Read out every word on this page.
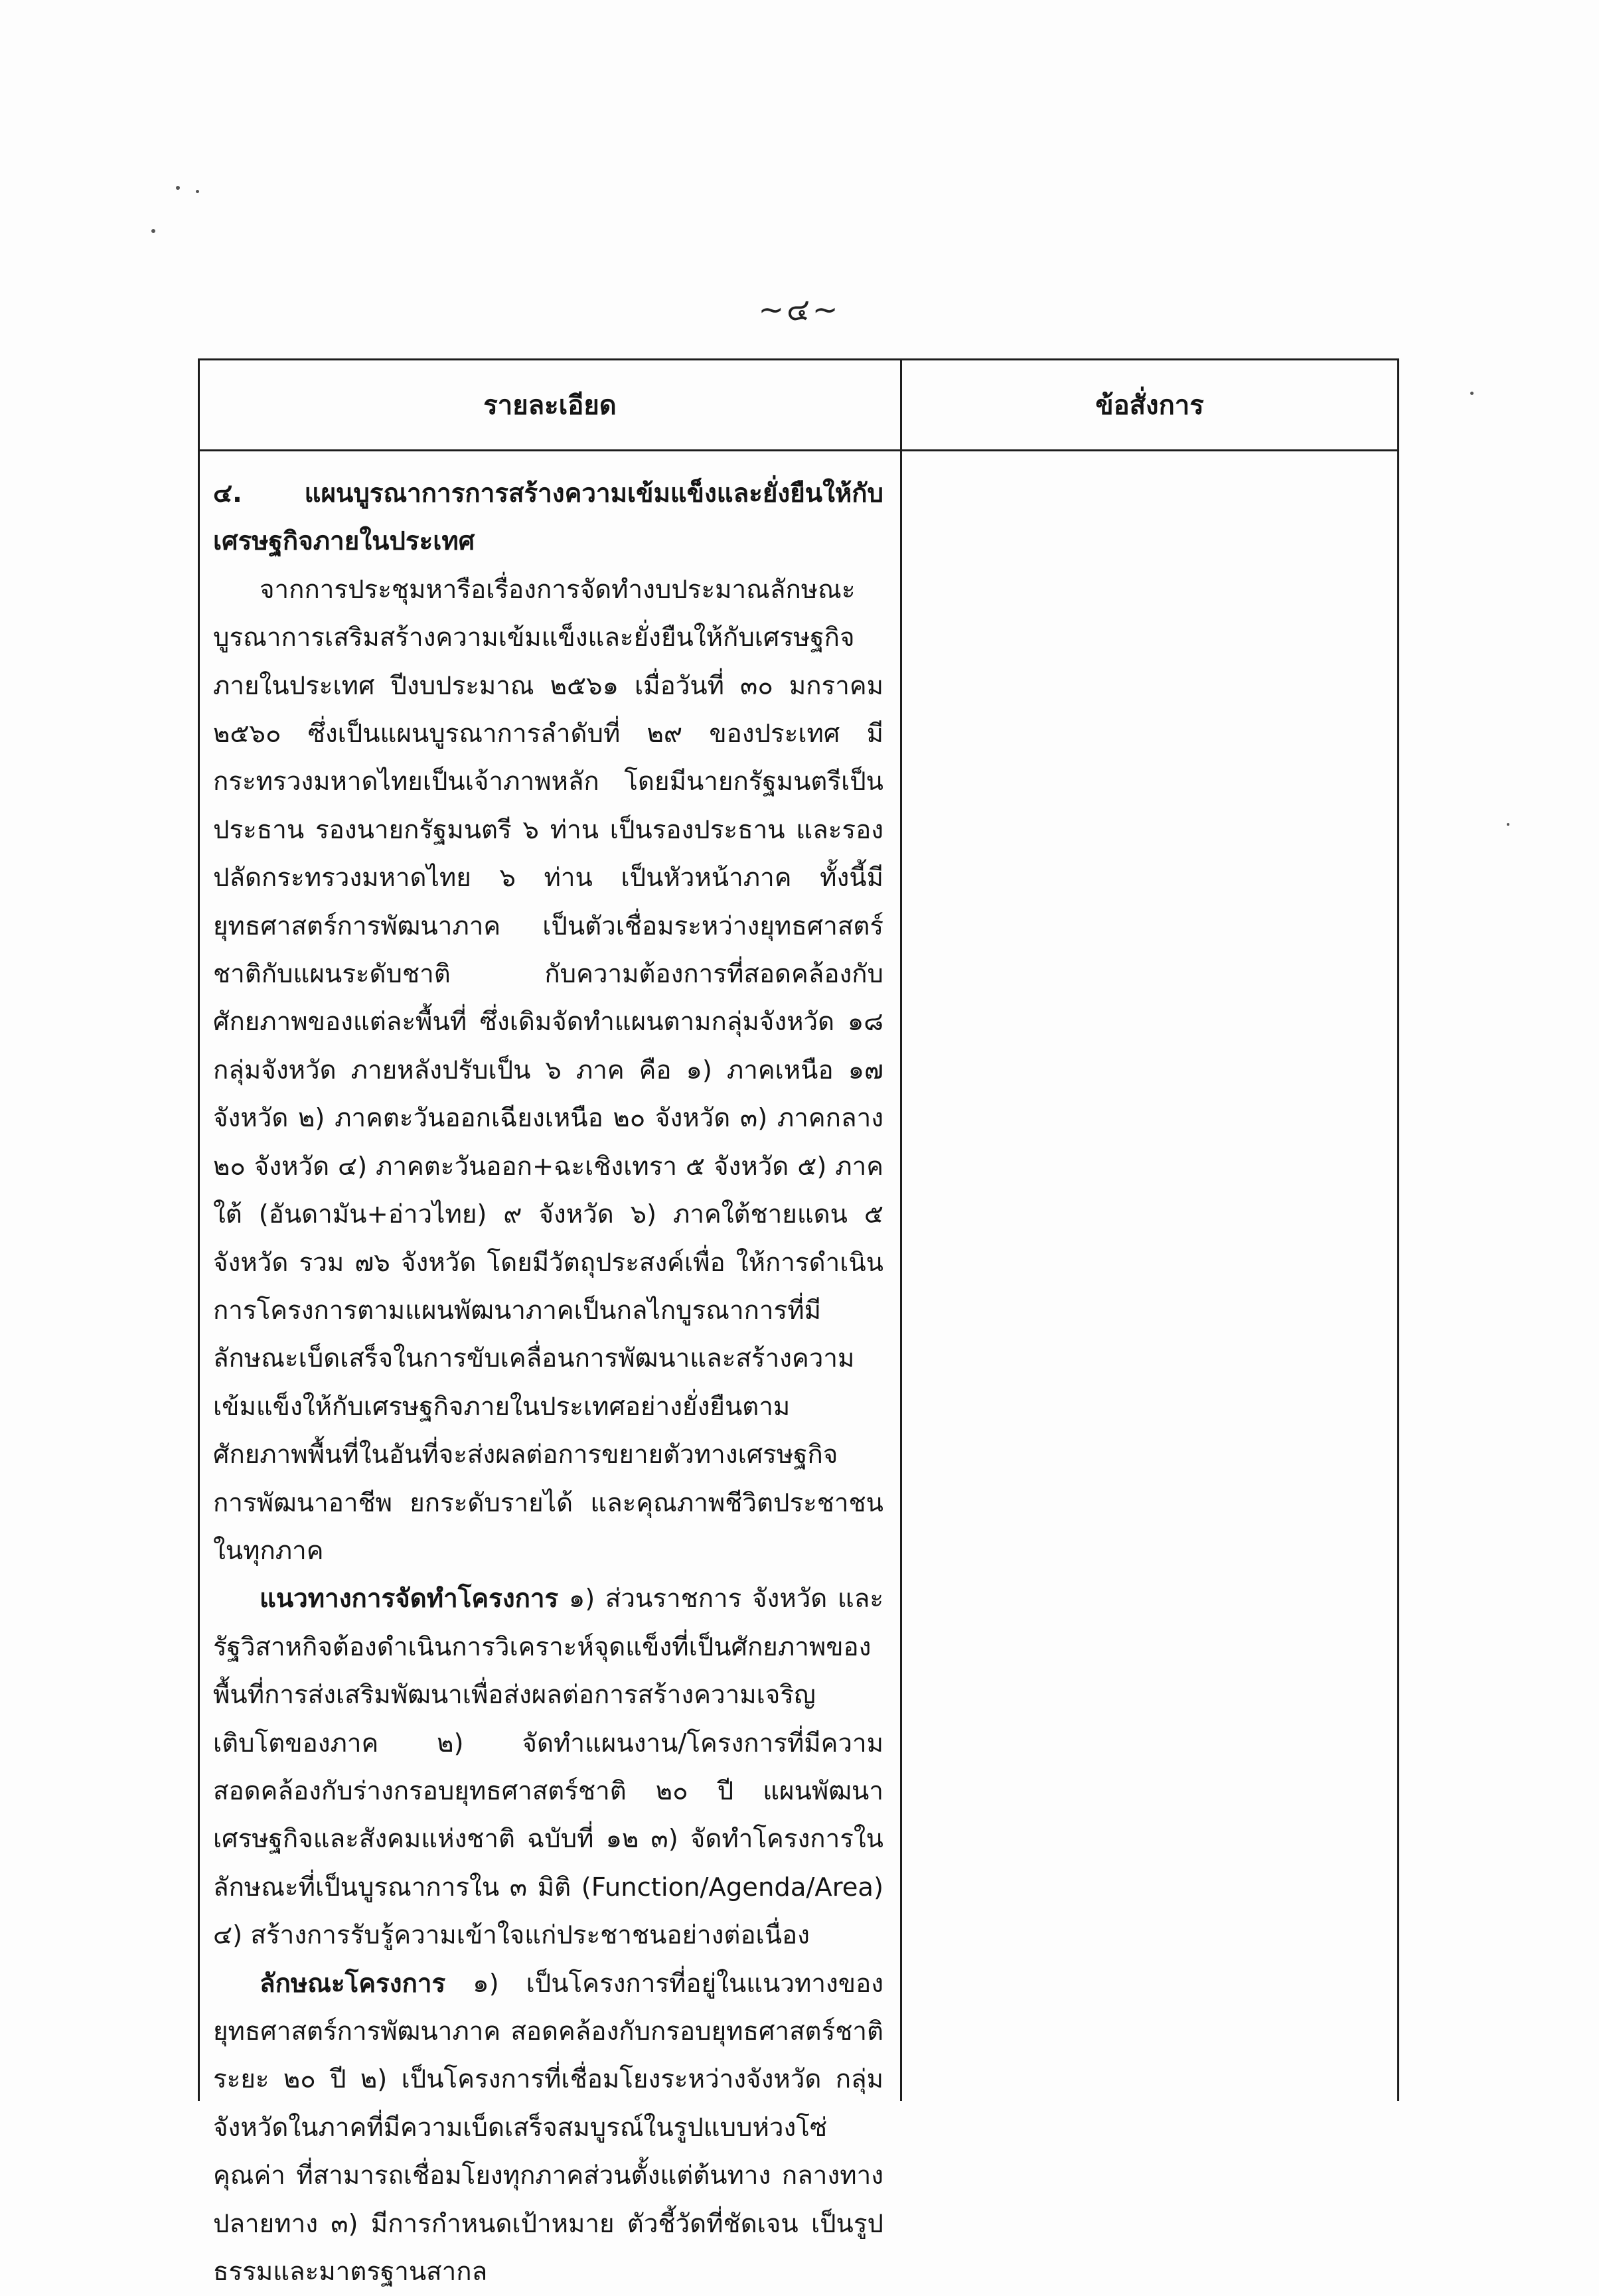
~๔~
รายละเอียด	ข้อสั่งการ

๔. แผนบูรณาการการสร้างความเข้มแข็งและยั่งยืนให้กับเศรษฐกิจภายในประเทศ

จากการประชุมหารือเรื่องการจัดทำงบประมาณลักษณะบูรณาการเสริมสร้างความเข้มแข็งและยั่งยืนให้กับเศรษฐกิจภายในประเทศ ปีงบประมาณ ๒๕๖๑ เมื่อวันที่ ๓๐ มกราคม ๒๕๖๐ ซึ่งเป็นแผนบูรณาการลำดับที่ ๒๙ ของประเทศ มีกระทรวงมหาดไทยเป็นเจ้าภาพหลัก โดยมีนายกรัฐมนตรีเป็นประธาน รองนายกรัฐมนตรี ๖ ท่าน เป็นรองประธาน และรองปลัดกระทรวงมหาดไทย ๖ ท่าน เป็นหัวหน้าภาค ทั้งนี้มียุทธศาสตร์การพัฒนาภาค เป็นตัวเชื่อมระหว่างยุทธศาสตร์ชาติกับแผนระดับชาติ กับความต้องการที่สอดคล้องกับศักยภาพของแต่ละพื้นที่ ซึ่งเดิมจัดทำแผนตามกลุ่มจังหวัด ๑๘ กลุ่มจังหวัด ภายหลังปรับเป็น ๖ ภาค คือ ๑) ภาคเหนือ ๑๗ จังหวัด ๒) ภาคตะวันออกเฉียงเหนือ ๒๐ จังหวัด ๓) ภาคกลาง ๒๐ จังหวัด ๔) ภาคตะวันออก+ฉะเชิงเทรา ๕ จังหวัด ๕) ภาคใต้ (อันดามัน+อ่าวไทย) ๙ จังหวัด ๖) ภาคใต้ชายแดน ๕ จังหวัด รวม ๗๖ จังหวัด โดยมีวัตถุประสงค์เพื่อ ให้การดำเนินการโครงการตามแผนพัฒนาภาคเป็นกลไกบูรณาการที่มีลักษณะเบ็ดเสร็จในการขับเคลื่อนการพัฒนาและสร้างความเข้มแข็งให้กับเศรษฐกิจภายในประเทศอย่างยั่งยืนตามศักยภาพพื้นที่ในอันที่จะส่งผลต่อการขยายตัวทางเศรษฐกิจ การพัฒนาอาชีพ ยกระดับรายได้ และคุณภาพชีวิตประชาชนในทุกภาค

แนวทางการจัดทำโครงการ ๑) ส่วนราชการ จังหวัด และรัฐวิสาหกิจต้องดำเนินการวิเคราะห์จุดแข็งที่เป็นศักยภาพของพื้นที่การส่งเสริมพัฒนาเพื่อส่งผลต่อการสร้างความเจริญเติบโตของภาค ๒) จัดทำแผนงาน/โครงการที่มีความสอดคล้องกับร่างกรอบยุทธศาสตร์ชาติ ๒๐ ปี แผนพัฒนาเศรษฐกิจและสังคมแห่งชาติ ฉบับที่ ๑๒ ๓) จัดทำโครงการในลักษณะที่เป็นบูรณาการใน ๓ มิติ (Function/Agenda/Area) ๔) สร้างการรับรู้ความเข้าใจแก่ประชาชนอย่างต่อเนื่อง

ลักษณะโครงการ ๑) เป็นโครงการที่อยู่ในแนวทางของยุทธศาสตร์การพัฒนาภาค สอดคล้องกับกรอบยุทธศาสตร์ชาติระยะ ๒๐ ปี ๒) เป็นโครงการที่เชื่อมโยงระหว่างจังหวัด กลุ่มจังหวัดในภาคที่มีความเบ็ดเสร็จสมบูรณ์ในรูปแบบห่วงโซ่คุณค่า ที่สามารถเชื่อมโยงทุกภาคส่วนตั้งแต่ต้นทาง กลางทาง ปลายทาง ๓) มีการกำหนดเป้าหมาย ตัวชี้วัดที่ชัดเจน เป็นรูปธรรมและมาตรฐานสากล
